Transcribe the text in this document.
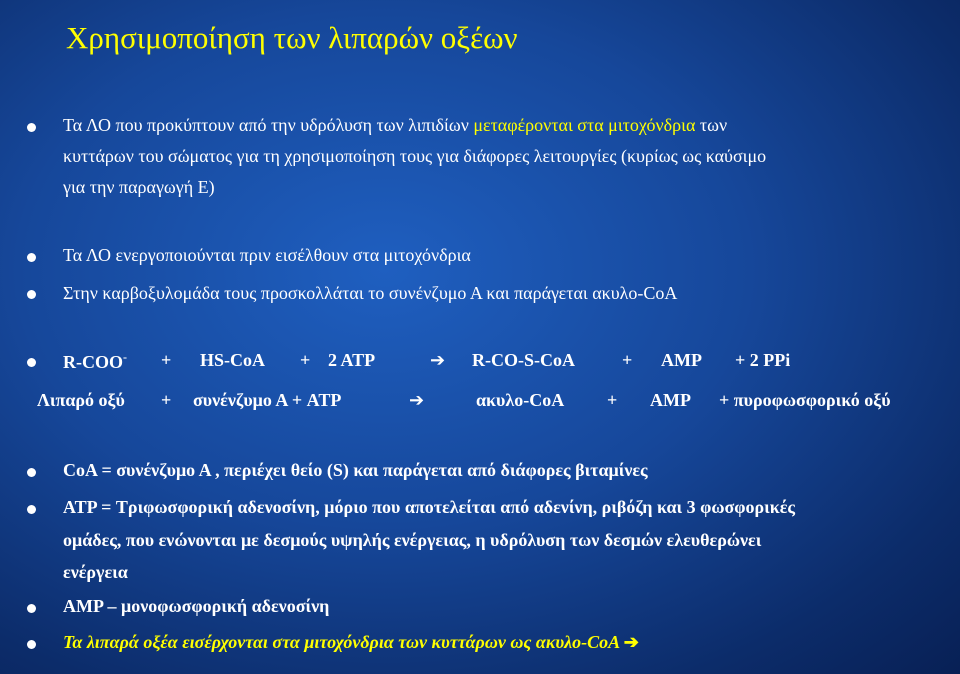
Χρησιμοποίηση των λιπαρών οξέων
Τα ΛΟ που προκύπτουν από την υδρόλυση των λιπιδίων μεταφέρονται στα μιτοχόνδρια των
κυττάρων του σώματος για τη χρησιμοποίηση τους για διάφορες λειτουργίες (κυρίως ως καύσιμο
για την παραγωγή Ε)
Τα ΛΟ ενεργοποιούνται πριν εισέλθουν στα μιτοχόνδρια
Στην καρβοξυλομάδα τους προσκολλάται το συνένζυμο Α και παράγεται ακυλο-CoA
R-COO- + HS-CoA + 2 ATP	➔ R-CO-S-CoA	+ AMP + 2 PPi
Λιπαρό οξύ + συνένζυμο Α + ATP	➔	ακυλο-CoA + AMP + πυροφωσφορικό οξύ
CoA = συνένζυμο Α , περιέχει θείο (S) και παράγεται από διάφορες βιταμίνες
ATP = Τριφωσφορική αδενοσίνη, μόριο που αποτελείται από αδενίνη, ριβόζη και 3 φωσφορικές
ομάδες, που ενώνονται με δεσμούς υψηλής ενέργειας, η υδρόλυση των δεσμών ελευθερώνει
ενέργεια
AMP – μονοφωσφορική αδενοσίνη
Τα λιπαρά οξέα εισέρχονται στα μιτοχόνδρια των κυττάρων ως ακυλο-CoA ➔
